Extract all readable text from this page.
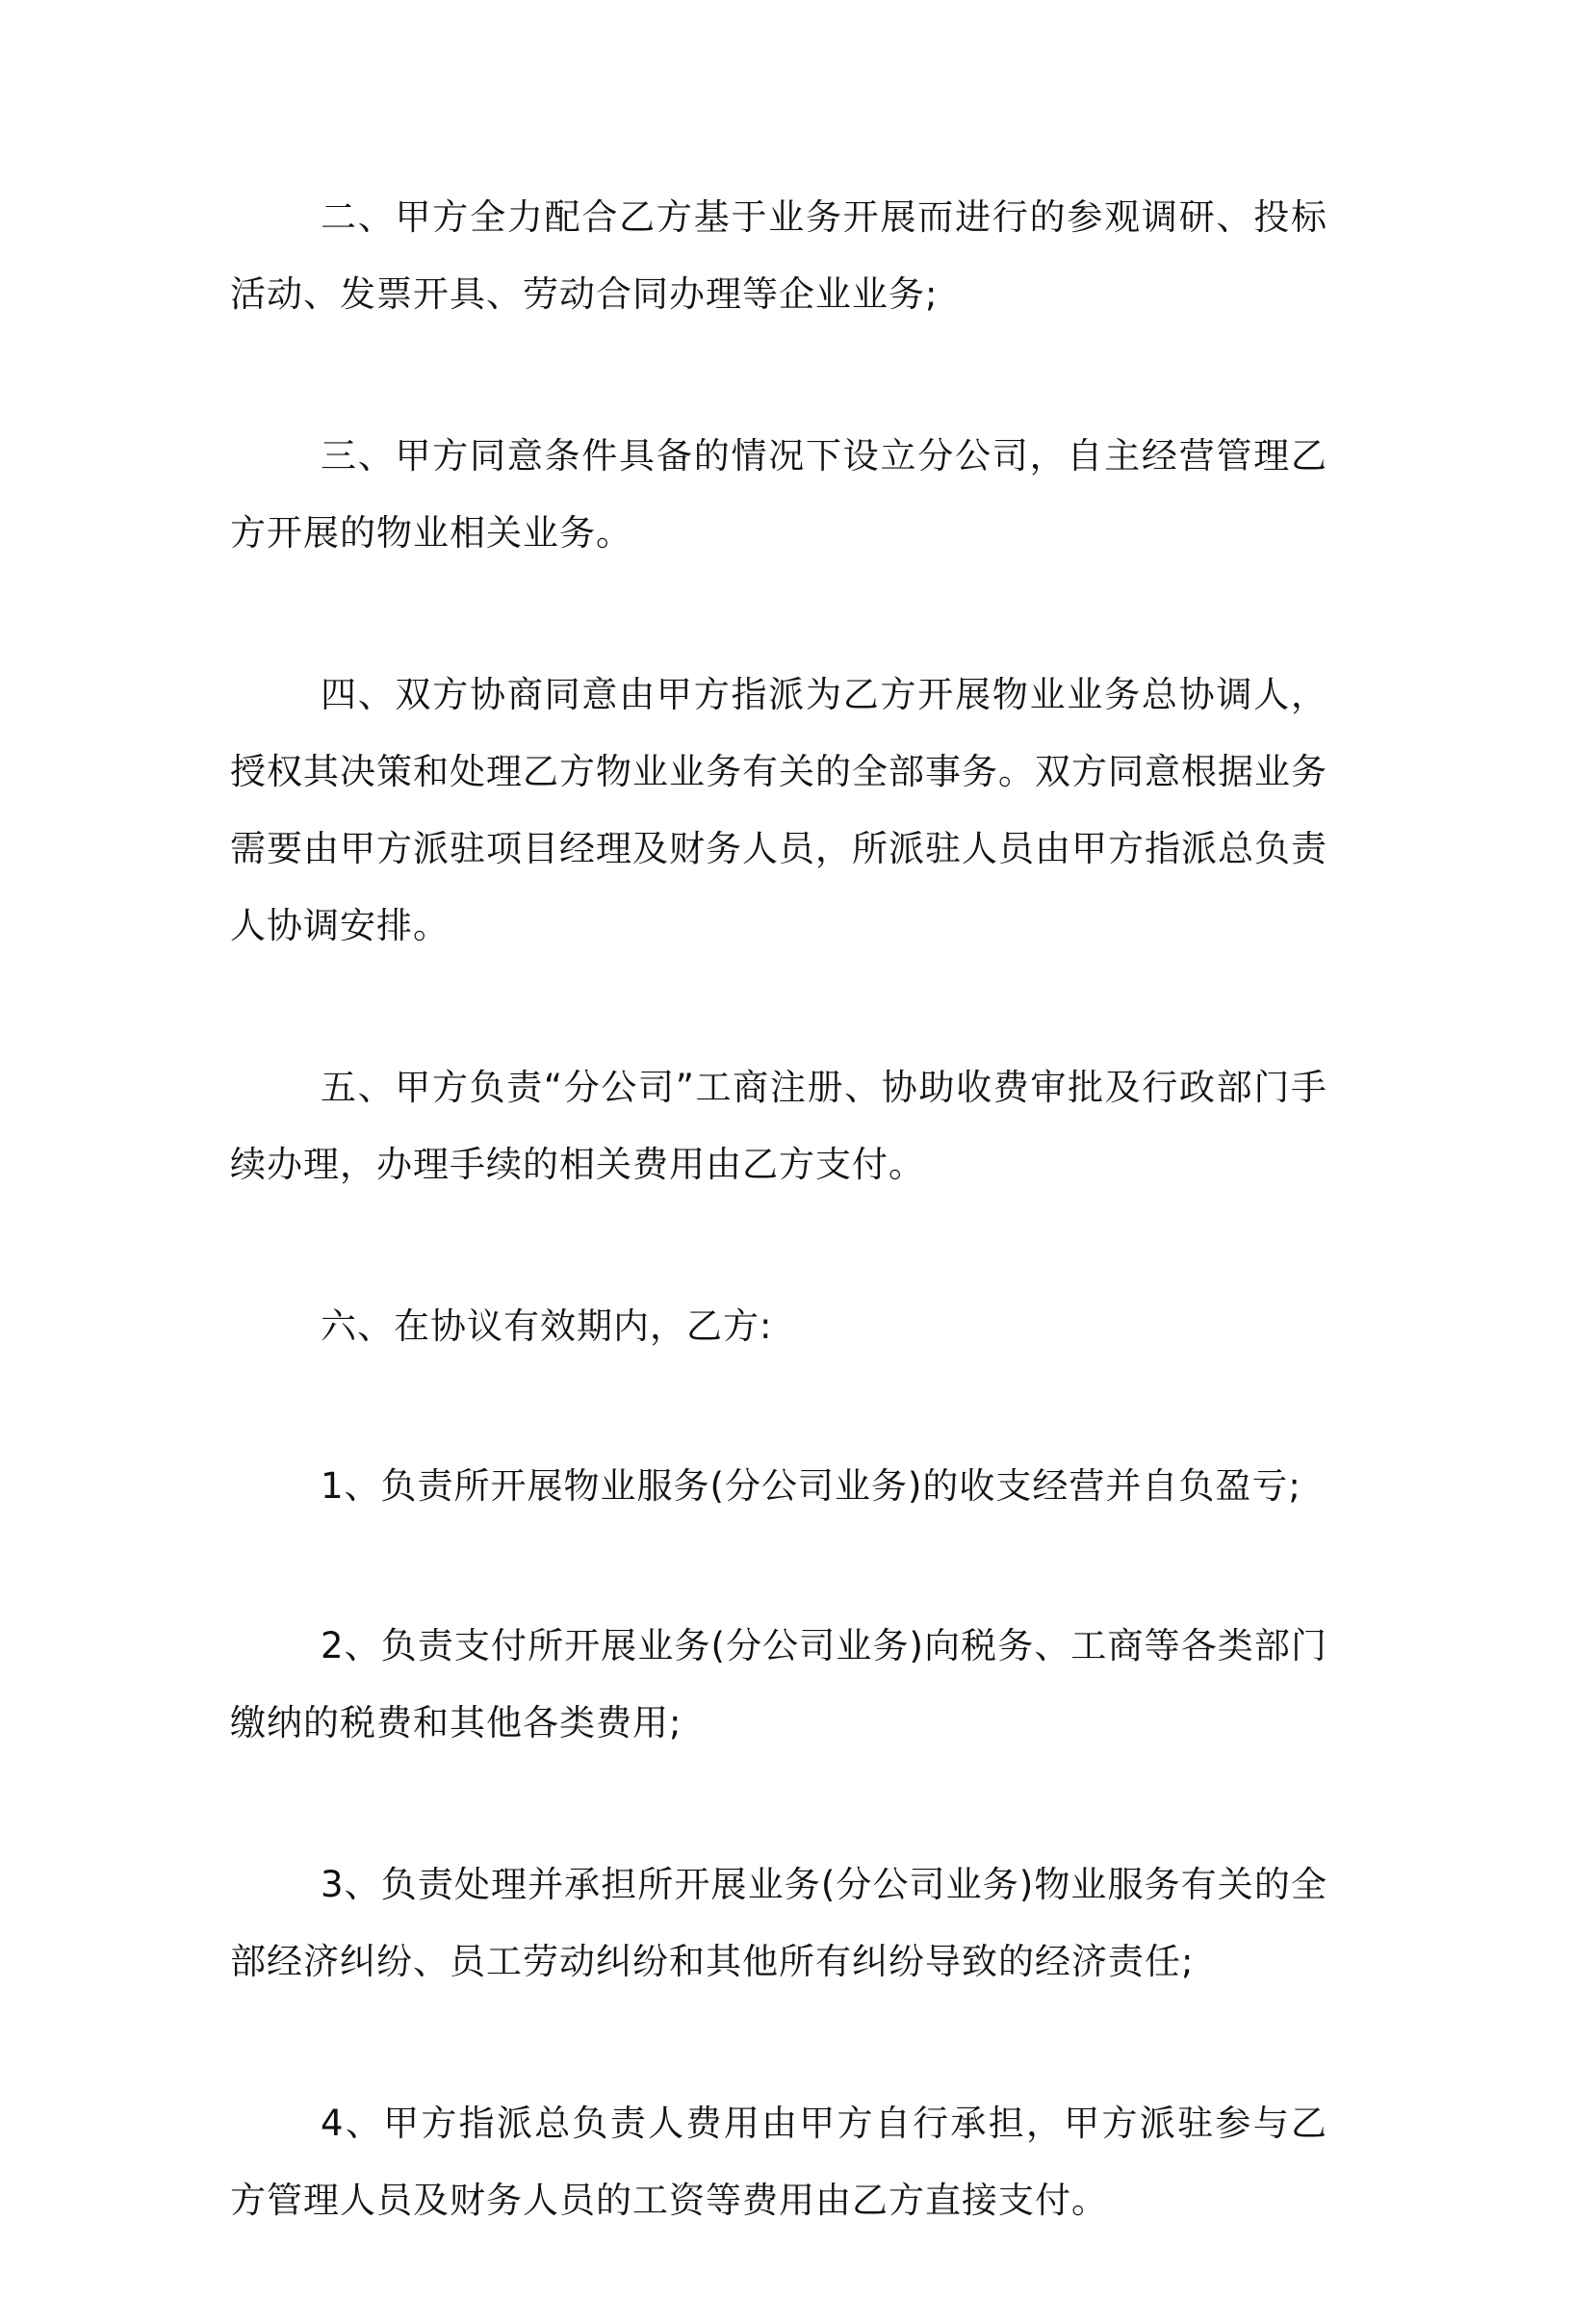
二、甲方全力配合乙方基于业务开展而进行的参观调研、投标活动、发票开具、劳动合同办理等企业业务;

三、甲方同意条件具备的情况下设立分公司，自主经营管理乙方开展的物业相关业务。

四、双方协商同意由甲方指派为乙方开展物业业务总协调人，授权其决策和处理乙方物业业务有关的全部事务。双方同意根据业务需要由甲方派驻项目经理及财务人员，所派驻人员由甲方指派总负责人协调安排。

五、甲方负责“分公司”工商注册、协助收费审批及行政部门手续办理，办理手续的相关费用由乙方支付。

六、在协议有效期内，乙方:

1、负责所开展物业服务(分公司业务)的收支经营并自负盈亏;

2、负责支付所开展业务(分公司业务)向税务、工商等各类部门缴纳的税费和其他各类费用;

3、负责处理并承担所开展业务(分公司业务)物业服务有关的全部经济纠纷、员工劳动纠纷和其他所有纠纷导致的经济责任;

4、甲方指派总负责人费用由甲方自行承担，甲方派驻参与乙方管理人员及财务人员的工资等费用由乙方直接支付。
